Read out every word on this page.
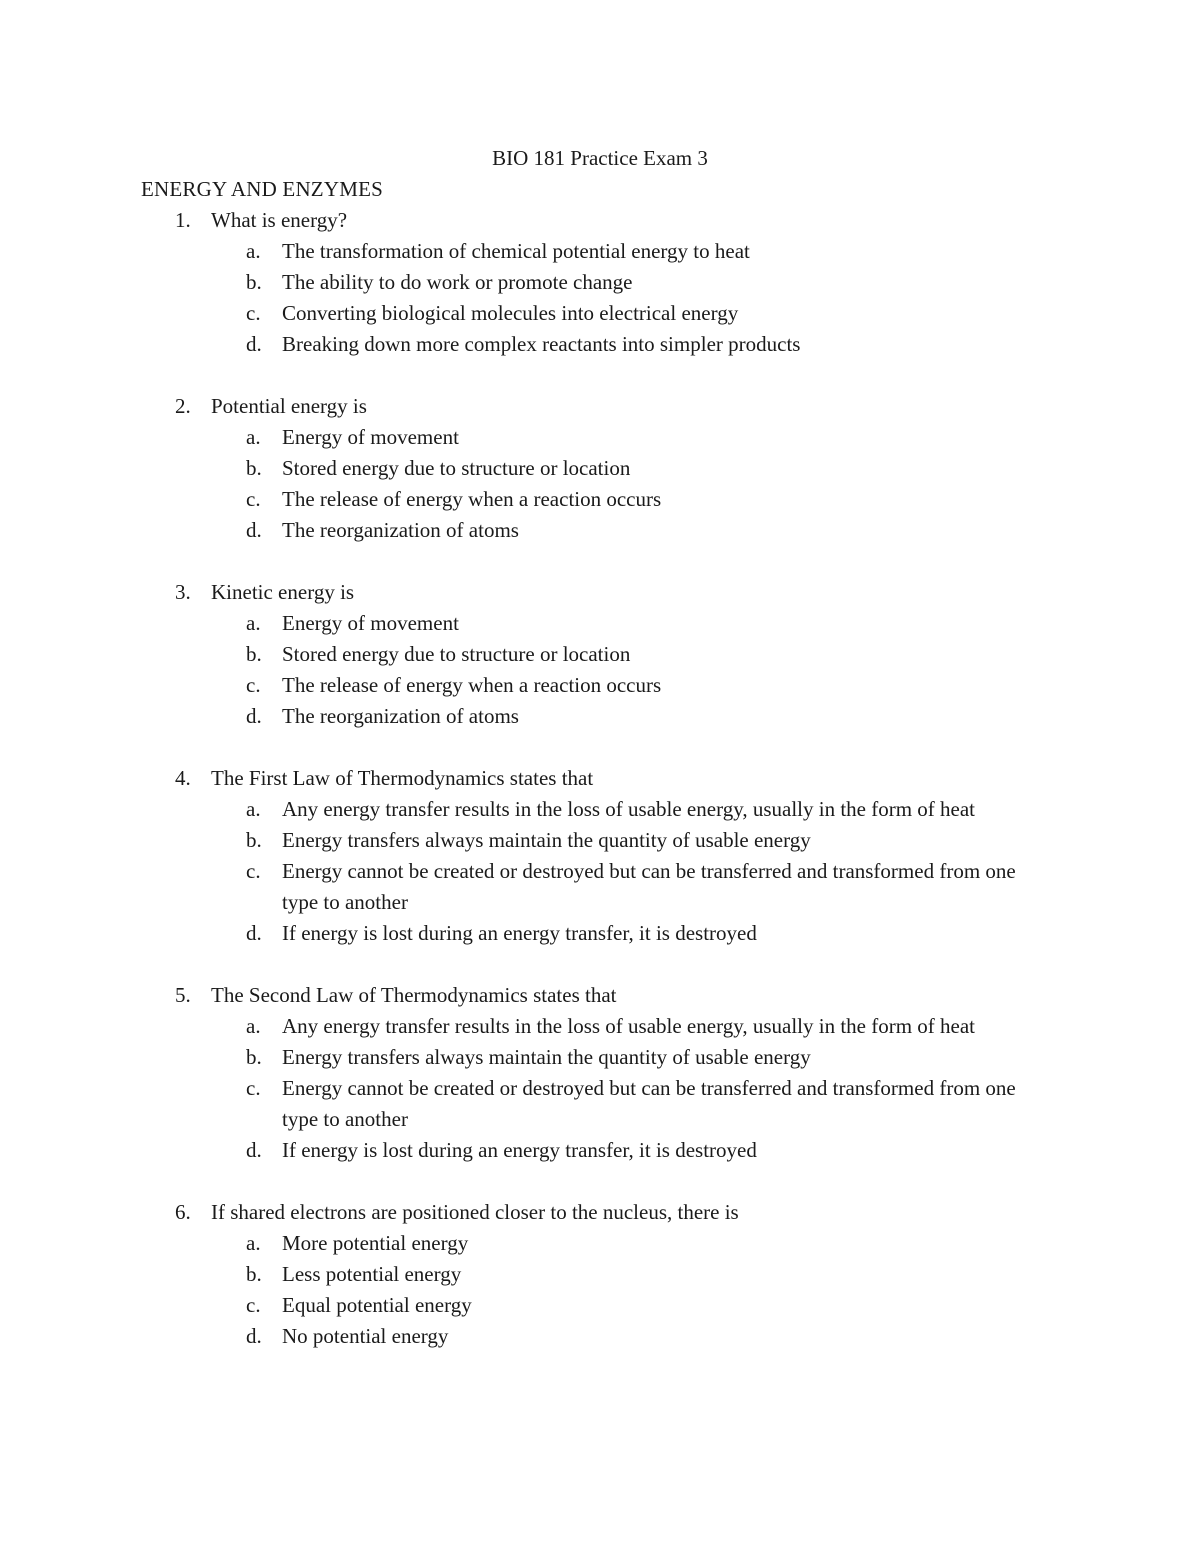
BIO 181 Practice Exam 3
ENERGY AND ENZYMES
1. What is energy?
a. The transformation of chemical potential energy to heat
b. The ability to do work or promote change
c. Converting biological molecules into electrical energy
d. Breaking down more complex reactants into simpler products
2. Potential energy is
a. Energy of movement
b. Stored energy due to structure or location
c. The release of energy when a reaction occurs
d. The reorganization of atoms
3. Kinetic energy is
a. Energy of movement
b. Stored energy due to structure or location
c. The release of energy when a reaction occurs
d. The reorganization of atoms
4. The First Law of Thermodynamics states that
a. Any energy transfer results in the loss of usable energy, usually in the form of heat
b. Energy transfers always maintain the quantity of usable energy
c. Energy cannot be created or destroyed but can be transferred and transformed from one type to another
d. If energy is lost during an energy transfer, it is destroyed
5. The Second Law of Thermodynamics states that
a. Any energy transfer results in the loss of usable energy, usually in the form of heat
b. Energy transfers always maintain the quantity of usable energy
c. Energy cannot be created or destroyed but can be transferred and transformed from one type to another
d. If energy is lost during an energy transfer, it is destroyed
6. If shared electrons are positioned closer to the nucleus, there is
a. More potential energy
b. Less potential energy
c. Equal potential energy
d. No potential energy
